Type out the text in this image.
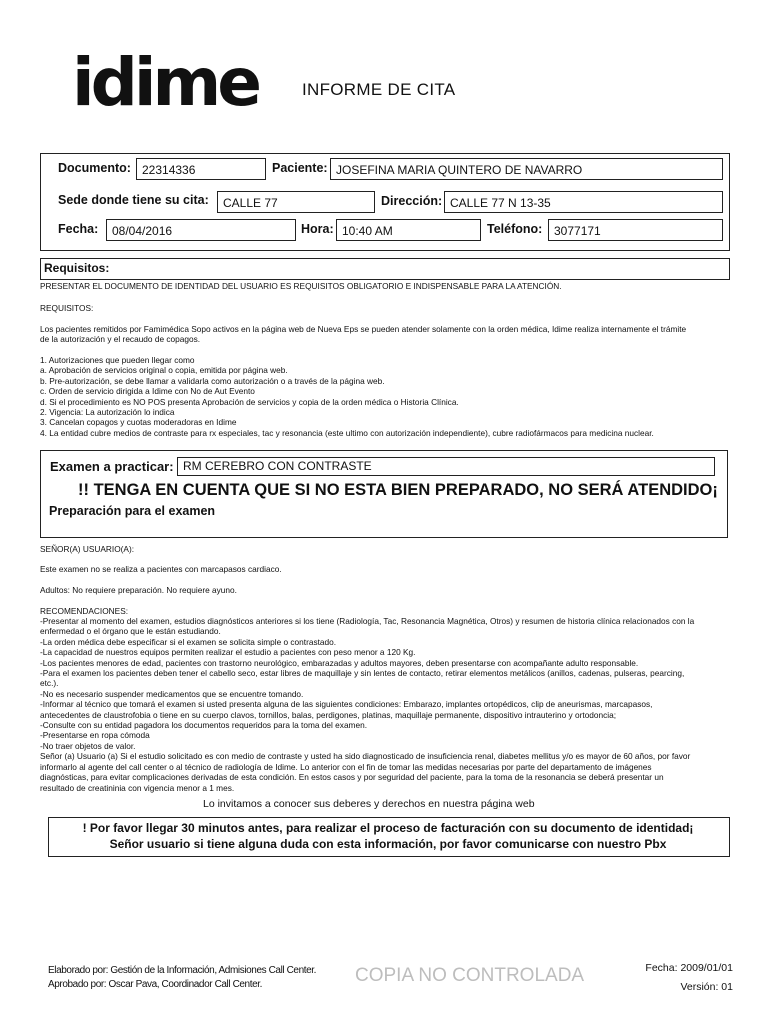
idime	INFORME DE CITA
Documento: 22314336	Paciente: JOSEFINA MARIA QUINTERO DE NAVARRO
Sede donde tiene su cita:	CALLE 77	Dirección: CALLE 77 N 13-35
Fecha:	08/04/2016	Hora: 10:40 AM	Teléfono: 3077171
Requisitos:
PRESENTAR EL DOCUMENTO DE IDENTIDAD DEL USUARIO ES REQUISITOS OBLIGATORIO E INDISPENSABLE PARA LA ATENCIÓN.
REQUISITOS:
Los pacientes remitidos por Famimédica Sopo activos en la página web de Nueva Eps se pueden atender solamente con la orden médica, Idime realiza internamente el trámite
de la autorización y el recaudo de copagos.
1. Autorizaciones que pueden llegar como
a. Aprobación de servicios original o copia, emitida por página web.
b. Pre-autorización, se debe llamar a validarla como autorización o a través de la página web.
c. Orden de servicio dirigida a Idime con No de Aut Evento
d. Si el procedimiento es NO POS presenta Aprobación de servicios y copia de la orden médica o Historia Clínica.
2. Vigencia: La autorización lo indica
3. Cancelan copagos y cuotas moderadoras en Idime
4. La entidad cubre medios de contraste para rx especiales, tac y resonancia (este ultimo con autorización independiente), cubre radiofármacos para medicina nuclear.
Examen a practicar: RM CEREBRO CON CONTRASTE
!! TENGA EN CUENTA QUE SI NO ESTA BIEN PREPARADO, NO SERÁ ATENDIDO¡
Preparación para el examen
SEÑOR(A) USUARIO(A):
Este examen no se realiza a pacientes con marcapasos cardiaco.
Adultos: No requiere preparación. No requiere ayuno.
RECOMENDACIONES:
-Presentar al momento del examen, estudios diagnósticos anteriores si los tiene (Radiología, Tac, Resonancia Magnética, Otros) y resumen de historia clínica relacionados con la
enfermedad o el órgano que le están estudiando.
-La orden médica debe especificar si el examen se solicita simple o contrastado.
-La capacidad de nuestros equipos permiten realizar el estudio a pacientes con peso menor a 120 Kg.
-Los pacientes menores de edad, pacientes con trastorno neurológico, embarazadas y adultos mayores, deben presentarse con acompañante adulto responsable.
-Para el examen los pacientes deben tener el cabello seco, estar libres de maquillaje y sin lentes de contacto, retirar elementos metálicos (anillos, cadenas, pulseras, pearcing,
etc.).
-No es necesario suspender medicamentos que se encuentre tomando.
-Informar al técnico que tomará el examen si usted presenta alguna de las siguientes condiciones: Embarazo, implantes ortopédicos, clip de aneurismas, marcapasos,
antecedentes de claustrofobia o tiene en su cuerpo clavos, tornillos, balas, perdigones, platinas, maquillaje permanente, dispositivo intrauterino y ortodoncia;
-Consulte con su entidad pagadora los documentos requeridos para la toma del examen.
-Presentarse en ropa cómoda
-No traer objetos de valor.
Señor (a) Usuario (a) Si el estudio solicitado es con medio de contraste y usted ha sido diagnosticado de insuficiencia renal, diabetes mellitus y/o es mayor de 60 años, por favor
informarlo al agente del call center o al técnico de radiología de Idime. Lo anterior con el fin de tomar las medidas necesarias por parte del departamento de imágenes
diagnósticas, para evitar complicaciones derivadas de esta condición. En estos casos y por seguridad del paciente, para la toma de la resonancia se deberá presentar un
resultado de creatininia con vigencia menor a 1 mes.
Lo invitamos a conocer sus deberes y derechos en nuestra página web
! Por favor llegar 30 minutos antes, para realizar el proceso de facturación con su documento de identidad¡
Señor usuario si tiene alguna duda con esta información, por favor comunicarse con nuestro Pbx
Elaborado por: Gestión de la Información, Admisiones Call Center.
Aprobado por: Oscar Pava, Coordinador Call Center.	COPIA NO CONTROLADA	Fecha: 2009/01/01
Versión: 01
